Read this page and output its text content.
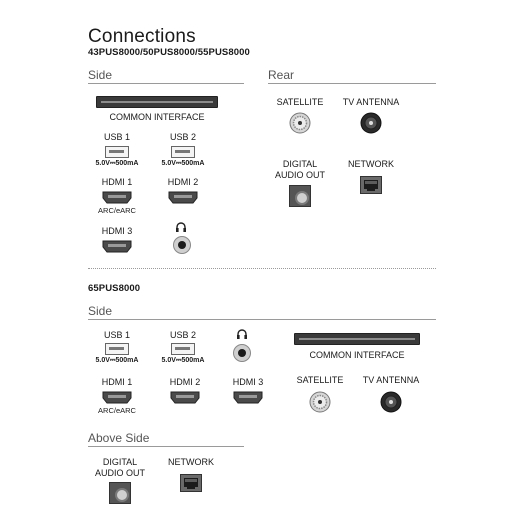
Connections
43PUS8000/50PUS8000/55PUS8000
Side	Rear
COMMON INTERFACE
USB 1
5.0V⎓500mA
USB 2
5.0V⎓500mA
HDMI 1
ARC/eARC
HDMI 2
HDMI 3
SATELLITE	TV ANTENNA
DIGITAL
AUDIO OUT
NETWORK
65PUS8000
Side
USB 1
5.0V⎓500mA
USB 2
5.0V⎓500mA
COMMON INTERFACE
HDMI 1
ARC/eARC
HDMI 2	HDMI 3	SATELLITE	TV ANTENNA
Above Side
DIGITAL
AUDIO OUT
NETWORK
